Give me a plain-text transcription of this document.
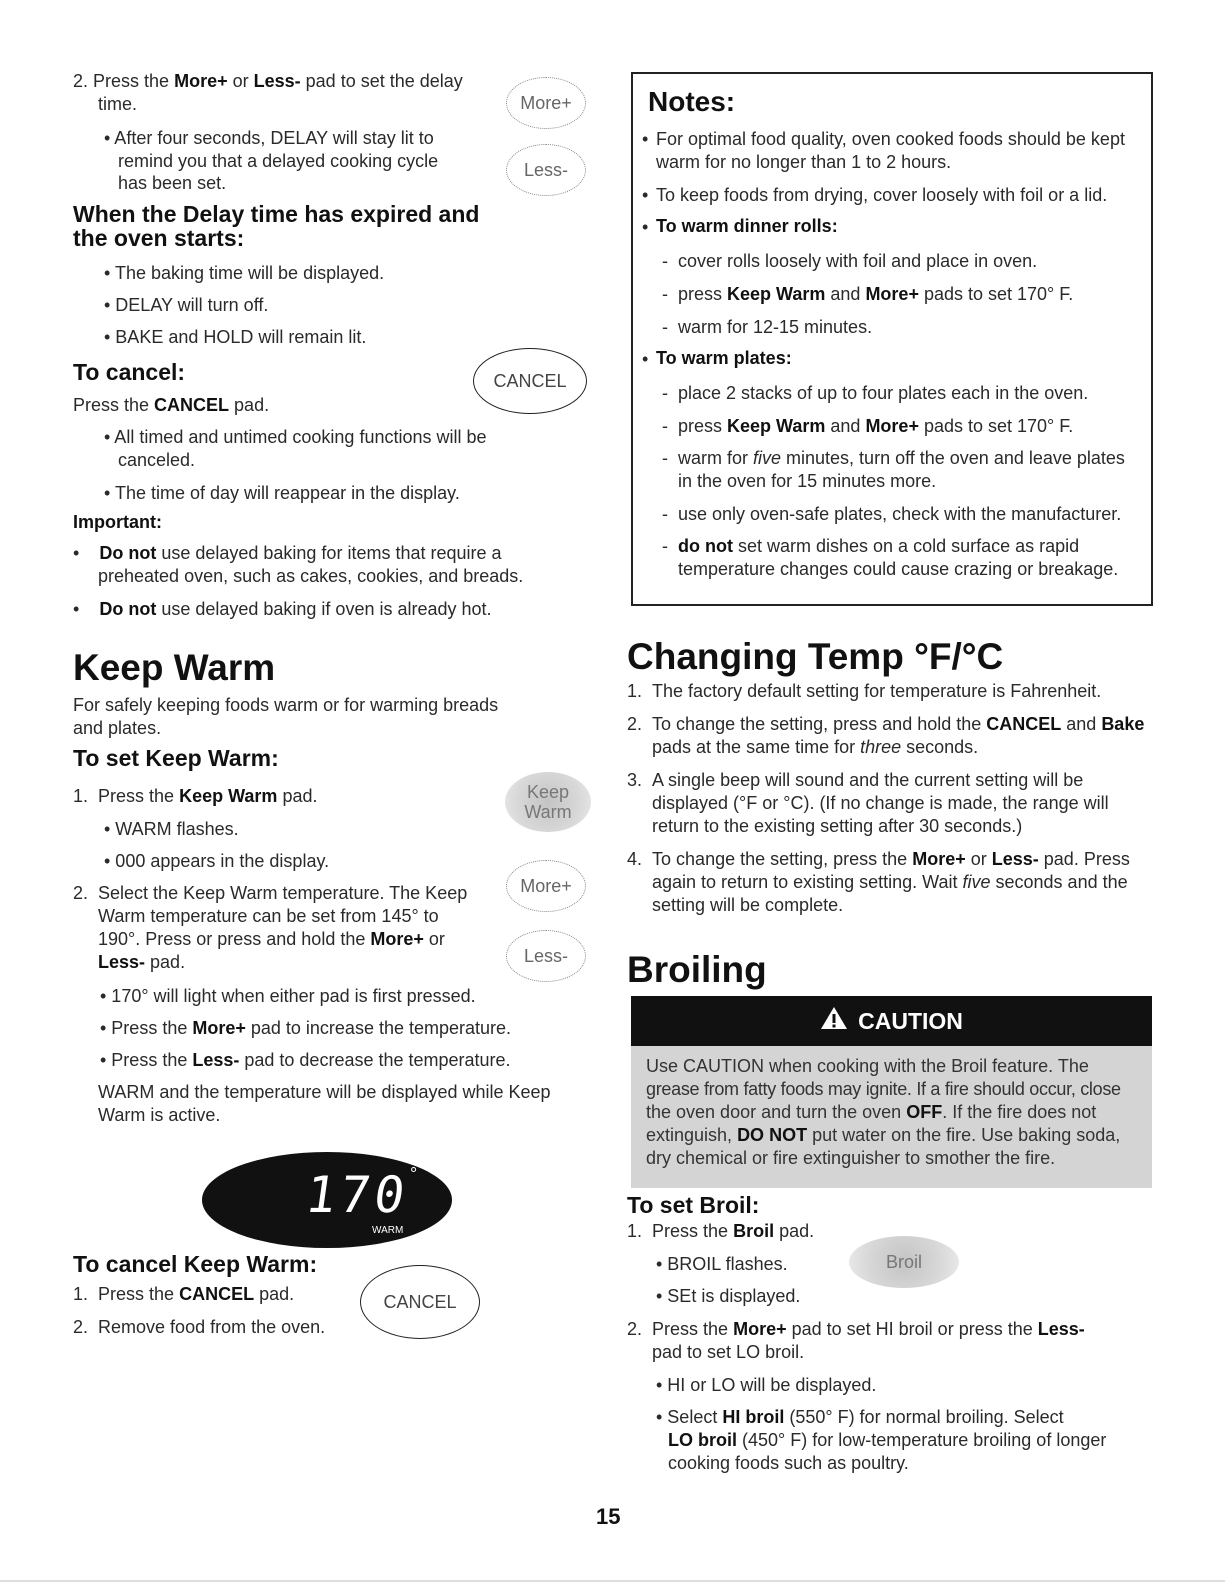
2. Press the More+ or Less- pad to set the delay
time.
• After four seconds, DELAY will stay lit to
remind you that a delayed cooking cycle
has been set.
More+
Less-
When the Delay time has expired and
the oven starts:
• The baking time will be displayed.
• DELAY will turn off.
• BAKE and HOLD will remain lit.
To cancel:
Press the CANCEL pad.
CANCEL
• All timed and untimed cooking functions will be
canceled.
• The time of day will reappear in the display.
Important:
• Do not use delayed baking for items that require a
preheated oven, such as cakes, cookies, and breads.
• Do not use delayed baking if oven is already hot.
Keep Warm
For safely keeping foods warm or for warming breads
and plates.
To set Keep Warm:
1. Press the Keep Warm pad.	Keep
Warm
• WARM flashes.
• 000 appears in the display.
2. Select the Keep Warm temperature. The Keep
Warm temperature can be set from 145° to
190°. Press or press and hold the More+ or
Less- pad.
More+
Less-
• 170° will light when either pad is first pressed.
• Press the More+ pad to increase the temperature.
• Press the Less- pad to decrease the temperature.
WARM and the temperature will be displayed while Keep
Warm is active.
170
°
WARM
To cancel Keep Warm:
1. Press the CANCEL pad.
2. Remove food from the oven.
CANCEL
Notes:
• For optimal food quality, oven cooked foods should be kept
warm for no longer than 1 to 2 hours.
• To keep foods from drying, cover loosely with foil or a lid.
• To warm dinner rolls:
-  cover rolls loosely with foil and place in oven.
-  press Keep Warm and More+ pads to set 170° F.
-  warm for 12-15 minutes.
• To warm plates:
-  place 2 stacks of up to four plates each in the oven.
-  press Keep Warm and More+ pads to set 170° F.
-  warm for five minutes, turn off the oven and leave plates
in the oven for 15 minutes more.
-  use only oven-safe plates, check with the manufacturer.
-  do not set warm dishes on a cold surface as rapid
temperature changes could cause crazing or breakage.
Changing Temp °F/°C
1. The factory default setting for temperature is Fahrenheit.
2. To change the setting, press and hold the CANCEL and Bake
pads at the same time for three seconds.
3. A single beep will sound and the current setting will be
displayed (°F or °C). (If no change is made, the range will
return to the existing setting after 30 seconds.)
4. To change the setting, press the More+ or Less- pad. Press
again to return to existing setting. Wait five seconds and the
setting will be complete.
Broiling
CAUTION
Use CAUTION when cooking with the Broil feature. The
grease from fatty foods may ignite. If a fire should occur, close
the oven door and turn the oven OFF. If the fire does not
extinguish, DO NOT put water on the fire. Use baking soda,
dry chemical or fire extinguisher to smother the fire.
To set Broil:
1. Press the Broil pad.
Broil
• BROIL flashes.
• SEt is displayed.
2. Press the More+ pad to set HI broil or press the Less-
pad to set LO broil.
• HI or LO will be displayed.
• Select HI broil (550° F) for normal broiling. Select
LO broil (450° F) for low-temperature broiling of longer
cooking foods such as poultry.
15
